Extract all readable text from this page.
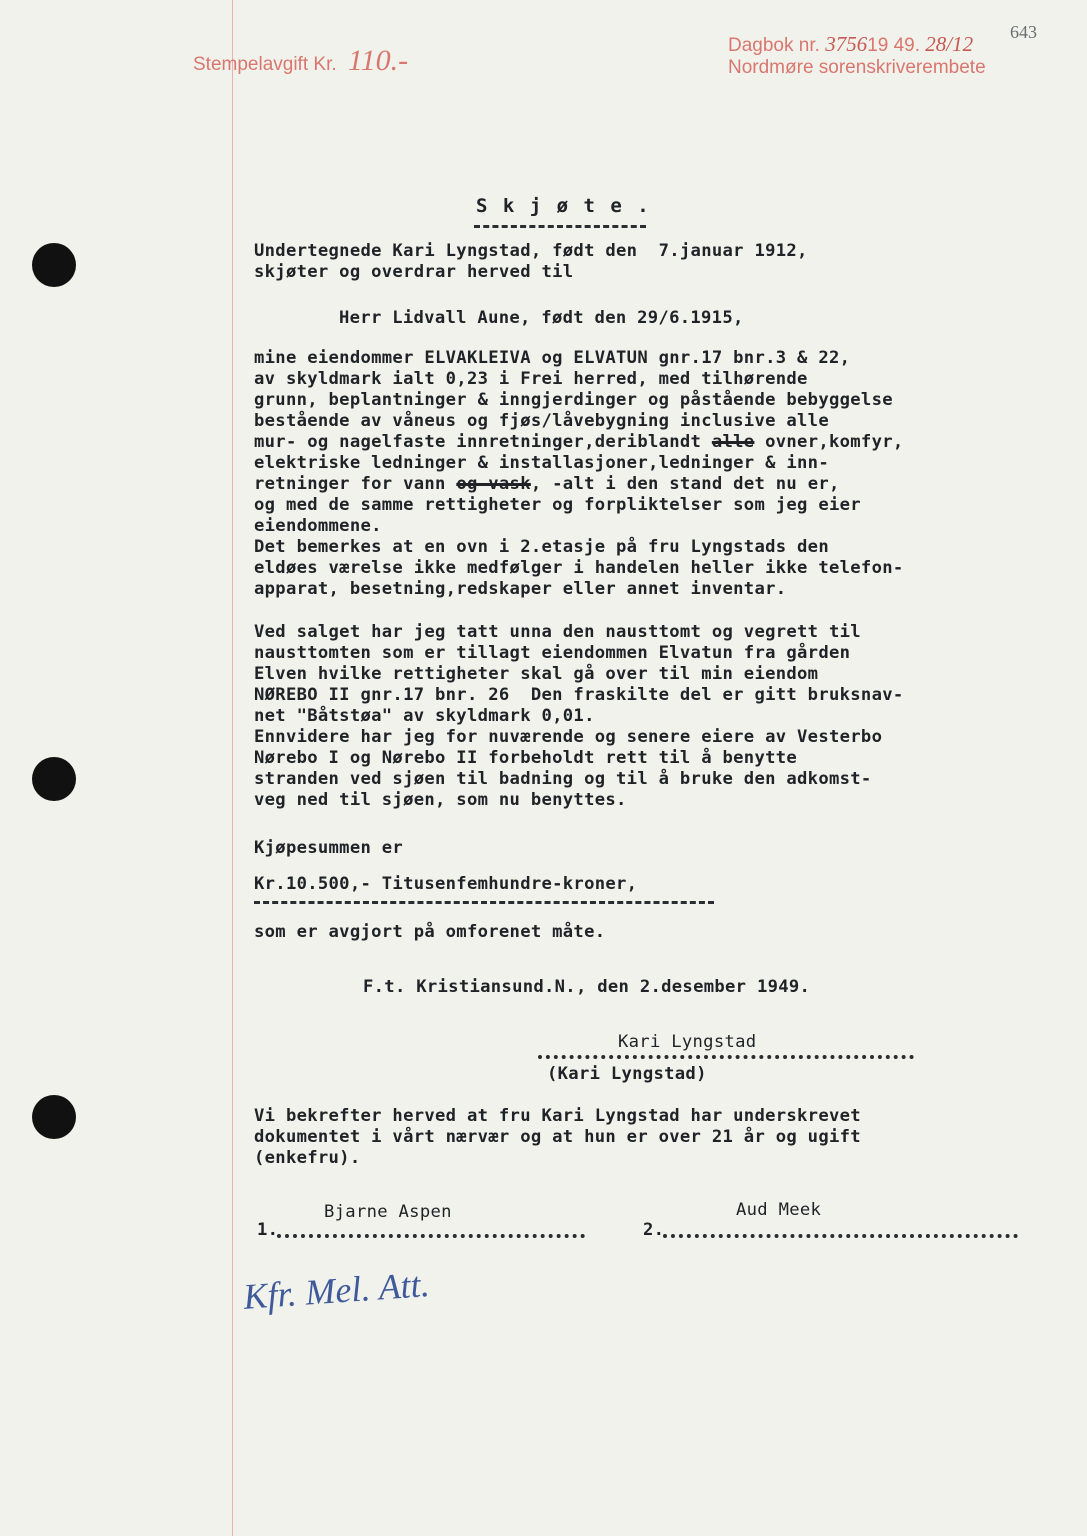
Stempelavgift Kr. 110.-	Dagbok nr. 375619 49. 28/12
Nordmøre sorenskriverembete
643
S k j ø t e .
Undertegnede Kari Lyngstad, født den  7.januar 1912,
skjøter og overdrar herved til
Herr Lidvall Aune, født den 29/6.1915,
mine eiendommer ELVAKLEIVA og ELVATUN gnr.17 bnr.3 & 22,
av skyldmark ialt 0,23 i Frei herred, med tilhørende
grunn, beplantninger & inngjerdinger og påstående bebyggelse
bestående av våneus og fjøs/låvebygning inclusive alle
mur- og nagelfaste innretninger,deriblandt alle ovner,komfyr,
elektriske ledninger & installasjoner,ledninger & inn-
retninger for vann og vask, -alt i den stand det nu er,
og med de samme rettigheter og forpliktelser som jeg eier
eiendommene.
Det bemerkes at en ovn i 2.etasje på fru Lyngstads den
eldøes værelse ikke medfølger i handelen heller ikke telefon-
apparat, besetning,redskaper eller annet inventar.
Ved salget har jeg tatt unna den nausttomt og vegrett til
nausttomten som er tillagt eiendommen Elvatun fra gården
Elven hvilke rettigheter skal gå over til min eiendom
NØREBO II gnr.17 bnr. 26  Den fraskilte del er gitt bruksnav-
net "Båtstøa" av skyldmark 0,01.
Ennvidere har jeg for nuværende og senere eiere av Vesterbo
Nørebo I og Nørebo II forbeholdt rett til å benytte
stranden ved sjøen til badning og til å bruke den adkomst-
veg ned til sjøen, som nu benyttes.
Kjøpesummen er
Kr.10.500,- Titusenfemhundre-kroner,
som er avgjort på omforenet måte.
F.t. Kristiansund.N., den 2.desember 1949.
Kari Lyngstad
(Kari Lyngstad)
Vi bekrefter herved at fru Kari Lyngstad har underskrevet
dokumentet i vårt nærvær og at hun er over 21 år og ugift
(enkefru).
Bjarne Aspen
1.
Aud Meek
2.
Kfr. Mel. Att.
